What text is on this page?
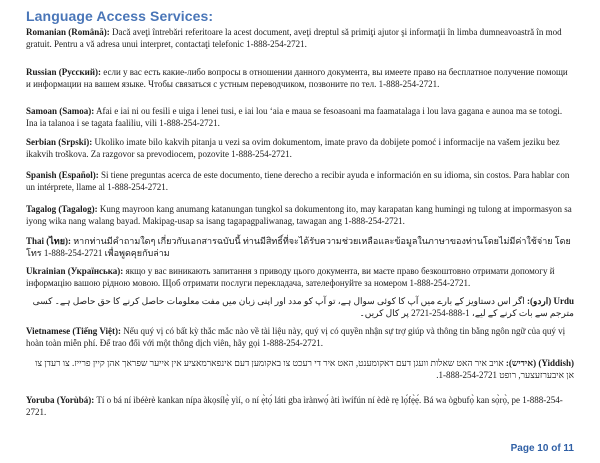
Language Access Services:
Romanian (Română): Dacă aveţi întrebări referitoare la acest document, aveţi dreptul să primiţi ajutor şi informaţii în limba dumneavoastră în mod gratuit. Pentru a vă adresa unui interpret, contactaţi telefonic 1-888-254-2721.
Russian (Русский): если у вас есть какие-либо вопросы в отношении данного документа, вы имеете право на бесплатное получение помощи и информации на вашем языке. Чтобы связаться с устным переводчиком, позвоните по тел. 1-888-254-2721.
Samoan (Samoa): Afai e iai ni ou fesili e uiga i lenei tusi, e iai lou ‘aia e maua se fesoasoani ma faamatalaga i lou lava gagana e aunoa ma se totogi. Ina ia talanoa i se tagata faaliliu, vili 1-888-254-2721.
Serbian (Srpski): Ukoliko imate bilo kakvih pitanja u vezi sa ovim dokumentom, imate pravo da dobijete pomoć i informacije na vašem jeziku bez ikakvih troškova. Za razgovor sa prevodiocem, pozovite 1-888-254-2721.
Spanish (Español): Si tiene preguntas acerca de este documento, tiene derecho a recibir ayuda e información en su idioma, sin costos. Para hablar con un intérprete, llame al 1-888-254-2721.
Tagalog (Tagalog): Kung mayroon kang anumang katanungan tungkol sa dokumentong ito, may karapatan kang humingi ng tulong at impormasyon sa iyong wika nang walang bayad. Makipag-usap sa isang tagapagpaliwanag, tawagan ang 1-888-254-2721.
Thai (ไทย): หากท่านมีคำถามใดๆ เกี่ยวกับเอกสารฉบับนี้ ท่านมีสิทธิ์ที่จะได้รับความช่วยเหลือและข้อมูลในภาษาของท่านโดยไม่มีค่าใช้จ่าย โดยโทร 1-888-254-2721 เพื่อพูดคุยกับล่าม
Ukrainian (Українська): якщо у вас виникають запитання з приводу цього документа, ви маєте право безкоштовно отримати допомогу й інформацію вашою рідною мовою. Щоб отримати послуги перекладача, зателефонуйте за номером 1-888-254-2721.
Urdu (اردو): اگر اس دستاویز کے بارے میں آپ کا کوئی سوال ہے، تو آپ کو مدد اور اپنی زبان میں مفت معلومات حاصل کرنے کا حق حاصل ہے۔ کسی مترجم سے بات کرنے کے لیے، 1-888-254-2721 پر کال کریں۔
Vietnamese (Tiếng Việt): Nếu quý vị có bất kỳ thắc mắc nào về tài liệu này, quý vị có quyền nhận sự trợ giúp và thông tin bằng ngôn ngữ của quý vị hoàn toàn miễn phí. Để trao đổi với một thông dịch viên, hãy gọi 1-888-254-2721.
(Yiddish) (אידיש): אויב איר האט שאלות וועגן דעם דאקומענט, האט איר די רעכט צו באקומען דעם אינפארמאציע אין אייער שפראך אהן קיין פרייז. צו רעדן צו אן איבערזעצער, רופט 1-888-254-2721.
Yoruba (Yorùbá): Tí o bá ní ìbéèrè kankan nípa àkọsílẹ̀ yìí, o ní ẹ̀tọ́ láti gba ìrànwọ́ àti ìwífún ní èdè rẹ lọ́fẹ̀ẹ́. Bá wa ògbufọ̀ kan sọ̀rọ̀, pe 1-888-254-2721.
Page 10 of 11
